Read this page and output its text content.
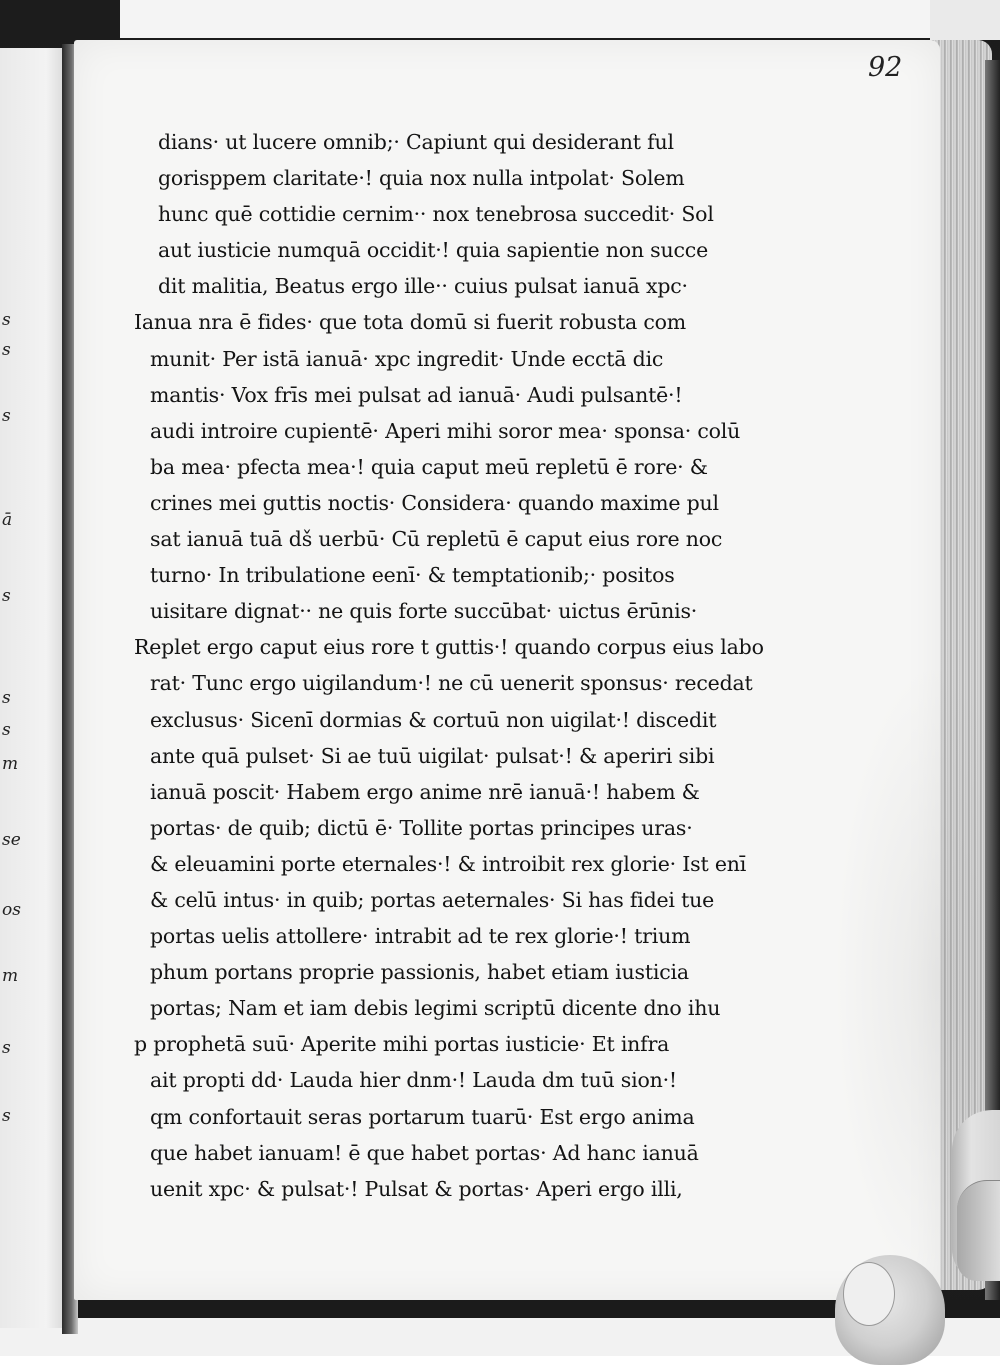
s
s
s
ā
s
s
s
m
se
os
m
s
s
92
dians· ut lucere omnib;· Capiunt qui desiderant ful
gorisppem claritate·! quia nox nulla intpolat· Solem
hunc quē cottidie cernim·· nox tenebrosa succedit· Sol
aut iusticie numquā occidit·! quia sapientie non succe
dit malitia, Beatus ergo ille·· cuius pulsat ianuā xpc·
Ianua nra ē fides· que tota domū si fuerit robusta com
munit· Per istā ianuā· xpc ingredit· Unde ecctā dic
mantis· Vox frīs mei pulsat ad ianuā· Audi pulsantē·!
audi introire cupientē· Aperi mihi soror mea· sponsa· colū
ba mea· pfecta mea·! quia caput meū repletū ē rore· &
crines mei guttis noctis· Considera· quando maxime pul
sat ianuā tuā dš uerbū· Cū repletū ē caput eius rore noc
turno· In tribulatione eenī· & temptationib;· positos
uisitare dignat·· ne quis forte succūbat· uictus ērūnis·
Replet ergo caput eius rore t guttis·! quando corpus eius labo
rat· Tunc ergo uigilandum·! ne cū uenerit sponsus· recedat
exclusus· Sicenī dormias & cortuū non uigilat·! discedit
ante quā pulset· Si ae tuū uigilat· pulsat·! & aperiri sibi
ianuā poscit· Habem ergo anime nrē ianuā·! habem &
portas· de quib; dictū ē· Tollite portas principes uras·
& eleuamini porte eternales·! & introibit rex glorie· Ist enī
& celū intus· in quib; portas aeternales· Si has fidei tue
portas uelis attollere· intrabit ad te rex glorie·! trium
phum portans proprie passionis, habet etiam iusticia
portas; Nam et iam debis legimi scriptū dicente dno ihu
p prophetā suū· Aperite mihi portas iusticie· Et infra
ait propti dd· Lauda hier dnm·! Lauda dm tuū sion·!
qm confortauit seras portarum tuarū· Est ergo anima
que habet ianuam! ē que habet portas· Ad hanc ianuā
uenit xpc· & pulsat·! Pulsat & portas· Aperi ergo illi,
